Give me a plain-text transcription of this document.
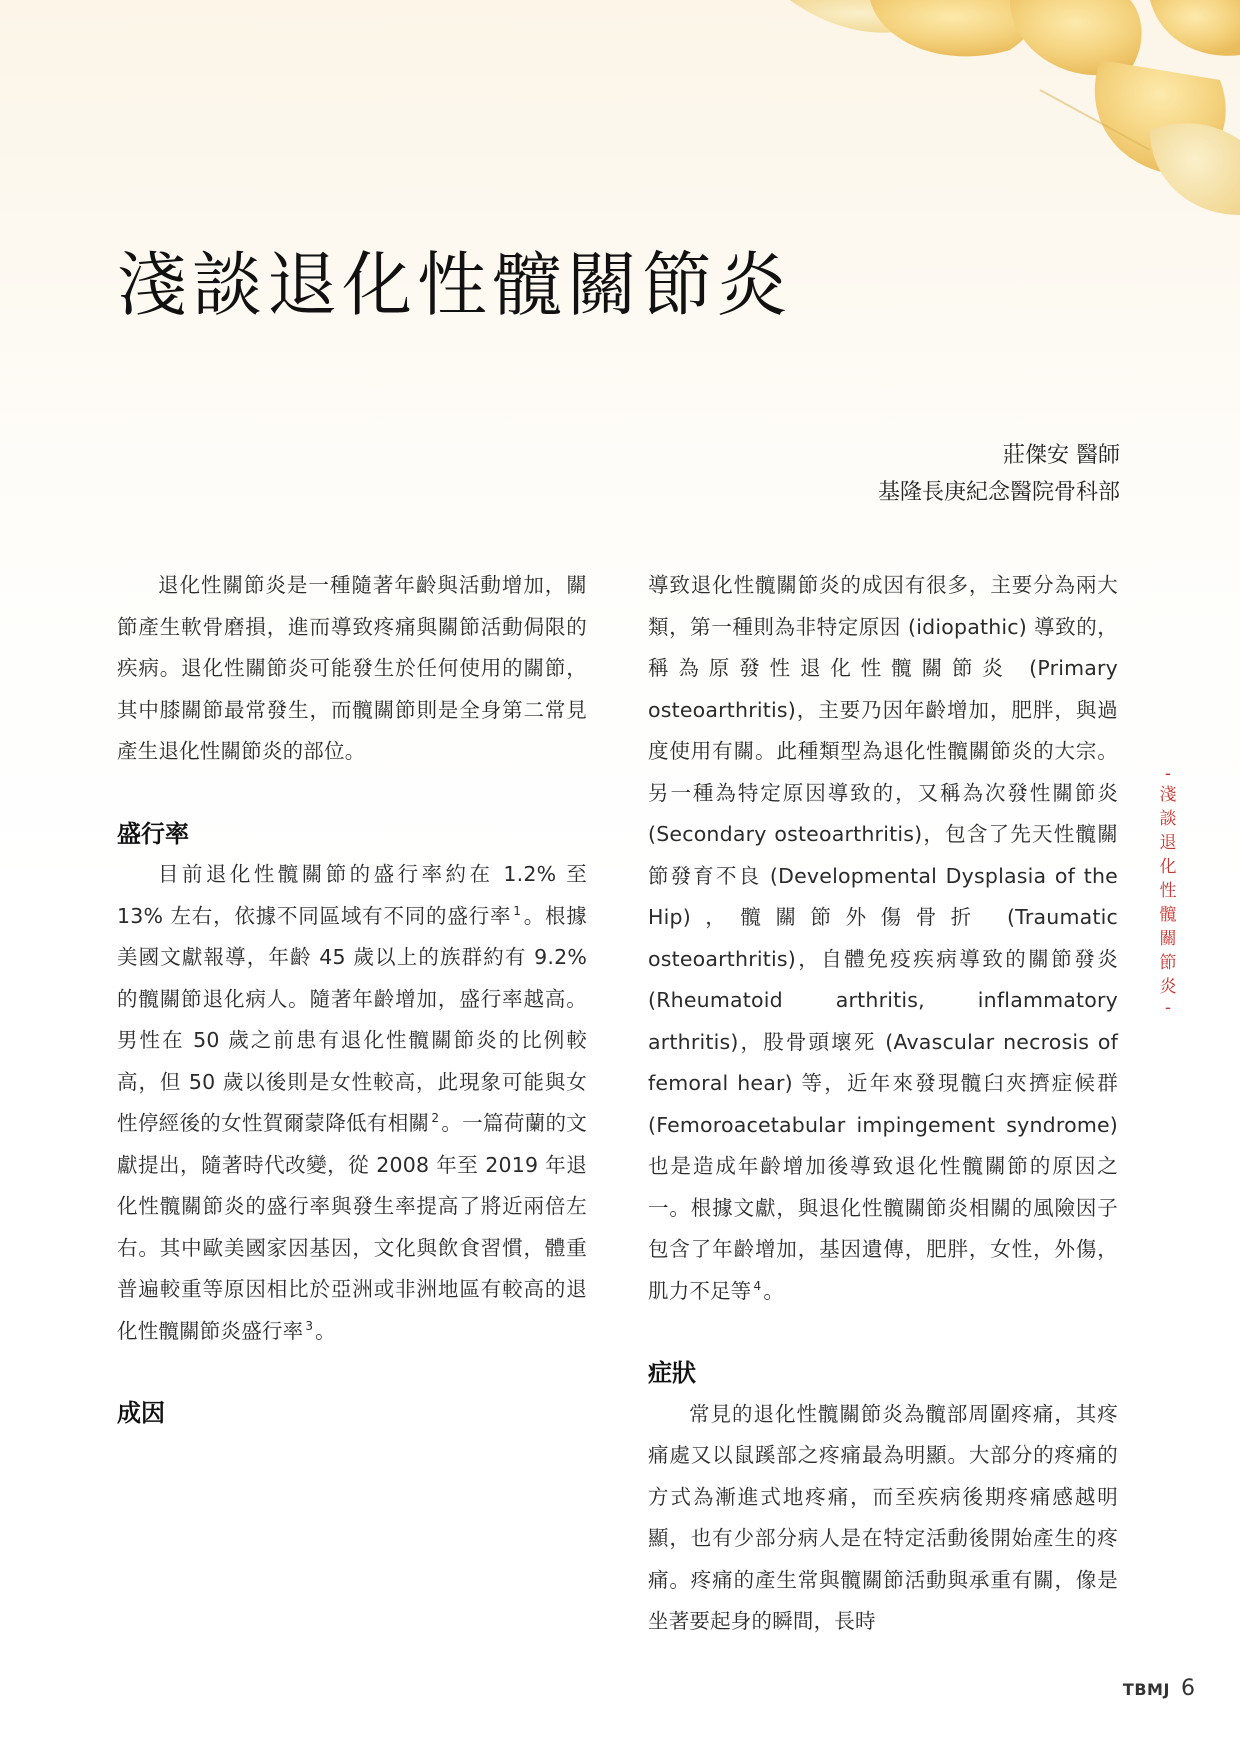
淺談退化性髖關節炎
莊傑安 醫師
基隆長庚紀念醫院骨科部

退化性關節炎是一種隨著年齡與活動增加，關節產生軟骨磨損，進而導致疼痛與關節活動侷限的疾病。退化性關節炎可能發生於任何使用的關節，其中膝關節最常發生，而髖關節則是全身第二常見產生退化性關節炎的部位。

盛行率

目前退化性髖關節的盛行率約在 1.2% 至 13% 左右，依據不同區域有不同的盛行率 $^1$。根據美國文獻報導，年齡 45 歲以上的族群約有 9.2% 的髖關節退化病人。隨著年齡增加，盛行率越高。男性在 50 歲之前患有退化性髖關節炎的比例較高，但 50 歲以後則是女性較高，此現象可能與女性停經後的女性賀爾蒙降低有相關 $^2$。一篇荷蘭的文獻提出，隨著時代改變，從 2008 年至 2019 年退化性髖關節炎的盛行率與發生率提高了將近兩倍左右。其中歐美國家因基因，文化與飲食習慣，體重普遍較重等原因相比於亞洲或非洲地區有較高的退化性髖關節炎盛行率 $^3$。

成因

導致退化性髖關節炎的成因有很多，主要分為兩大類，第一種則為非特定原因 (idiopathic) 導致的，稱為原發性退化性髖關節炎 (Primary osteoarthritis)，主要乃因年齡增加，肥胖，與過度使用有關。此種類型為退化性髖關節炎的大宗。另一種為特定原因導致的，又稱為次發性關節炎 (Secondary osteoarthritis)，包含了先天性髖關節發育不良 (Developmental Dysplasia of the Hip)，髖關節外傷骨折 (Traumatic osteoarthritis)，自體免疫疾病導致的關節發炎 (Rheumatoid arthritis, inflammatory arthritis)，股骨頭壞死 (Avascular necrosis of femoral hear) 等，近年來發現髖臼夾擠症候群 (Femoroacetabular impingement syndrome) 也是造成年齡增加後導致退化性髖關節的原因之一。根據文獻，與退化性髖關節炎相關的風險因子包含了年齡增加，基因遺傳，肥胖，女性，外傷，肌力不足等 $^4$。

症狀

常見的退化性髖關節炎為髖部周圍疼痛，其疼痛處又以鼠蹊部之疼痛最為明顯。大部分的疼痛的方式為漸進式地疼痛，而至疾病後期疼痛感越明顯，也有少部分病人是在特定活動後開始產生的疼痛。疼痛的產生常與髖關節活動與承重有關，像是坐著要起身的瞬間，長時

-
淺
談
退
化
性
髖
關
節
炎
-
TBMJ 6
